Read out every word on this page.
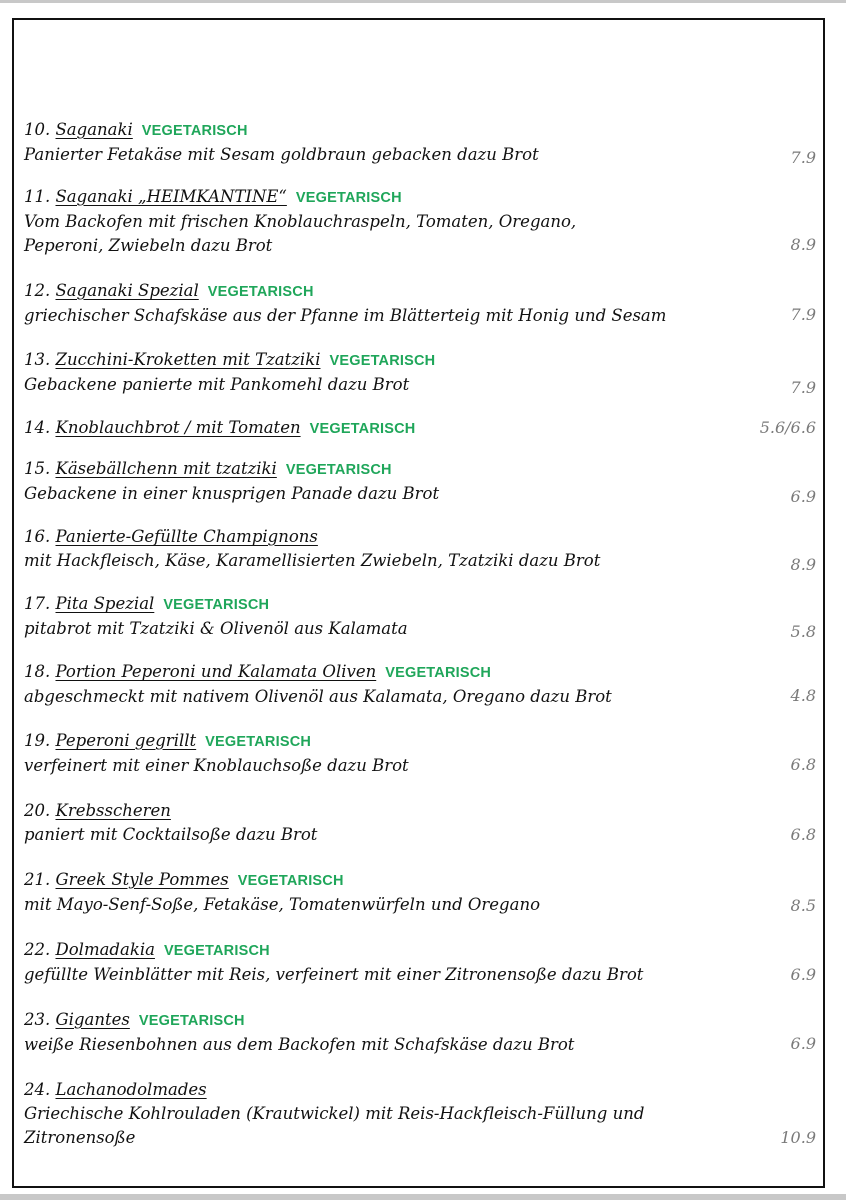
10. Saganaki VEGETARISCH
Panierter Fetakäse mit Sesam goldbraun gebacken dazu Brot	7.9
11. Saganaki „HEIMKANTINE“ VEGETARISCH
Vom Backofen mit frischen Knoblauchraspeln, Tomaten, Oregano,
Peperoni, Zwiebeln dazu Brot	8.9
12. Saganaki Spezial VEGETARISCH
griechischer Schafskäse aus der Pfanne im Blätterteig mit Honig und Sesam	7.9
13. Zucchini-Kroketten mit Tzatziki VEGETARISCH
Gebackene panierte mit Pankomehl dazu Brot	7.9
14. Knoblauchbrot / mit Tomaten VEGETARISCH	5.6/6.6
15. Käsebällchenn mit tzatziki VEGETARISCH
Gebackene in einer knusprigen Panade dazu Brot	6.9
16. Panierte-Gefüllte Champignons
mit Hackfleisch, Käse, Karamellisierten Zwiebeln, Tzatziki dazu Brot	8.9
17. Pita Spezial VEGETARISCH
pitabrot mit Tzatziki & Olivenöl aus Kalamata	5.8
18. Portion Peperoni und Kalamata Oliven VEGETARISCH
abgeschmeckt mit nativem Olivenöl aus Kalamata, Oregano dazu Brot	4.8
19. Peperoni gegrillt VEGETARISCH
verfeinert mit einer Knoblauchsoße dazu Brot	6.8
20. Krebsscheren
paniert mit Cocktailsoße dazu Brot	6.8
21. Greek Style Pommes VEGETARISCH
mit Mayo-Senf-Soße, Fetakäse, Tomatenwürfeln und Oregano	8.5
22. Dolmadakia VEGETARISCH
gefüllte Weinblätter mit Reis, verfeinert mit einer Zitronensoße dazu Brot	6.9
23. Gigantes VEGETARISCH
weiße Riesenbohnen aus dem Backofen mit Schafskäse dazu Brot	6.9
24. Lachanodolmades
Griechische Kohlrouladen (Krautwickel) mit Reis-Hackfleisch-Füllung und
Zitronensoße	10.9
